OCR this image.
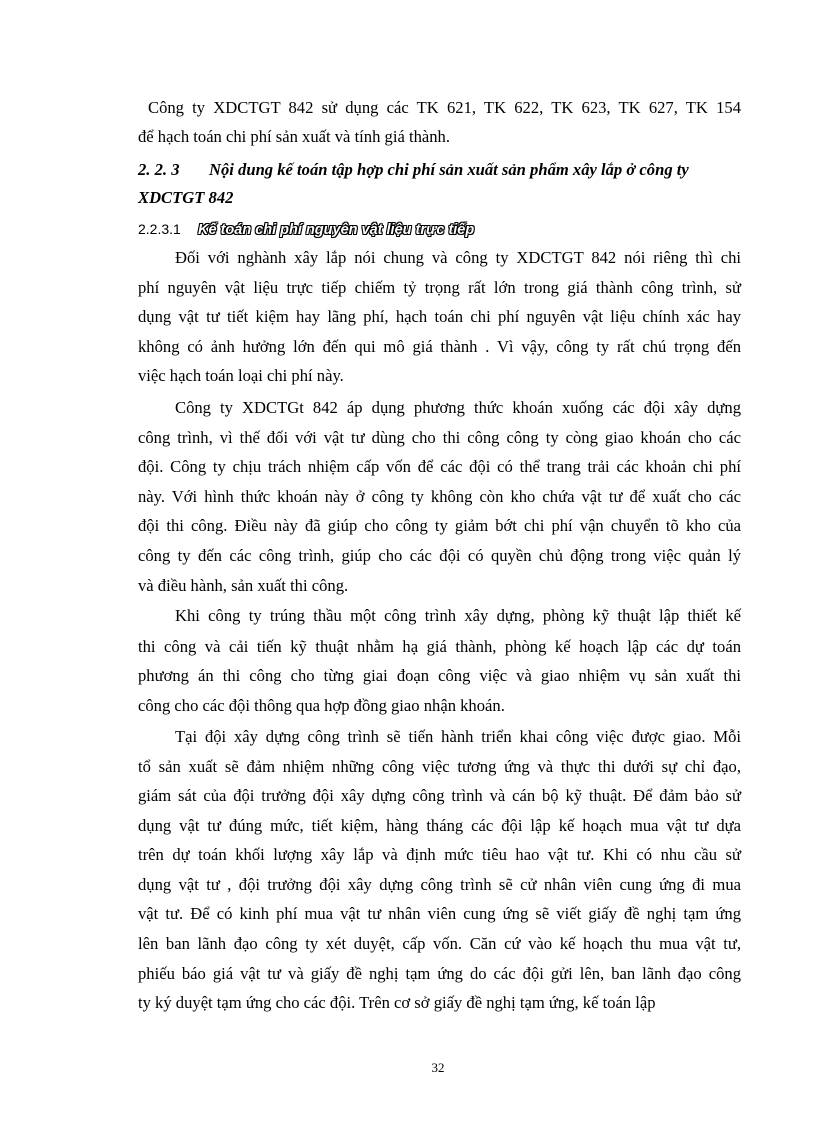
Công ty XDCTGT 842 sử dụng các TK 621, TK 622, TK 623, TK 627, TK 154
để hạch toán chi phí sản xuất và tính giá thành.
2. 2. 3 Nội dung kế toán tập hợp chi phí sản xuất sản phẩm xây lắp ở công ty
XDCTGT 842
2.2.3.1 Kế toán chi phí nguyên vật liệu trực tiếp
Đối với nghành xây lắp nói chung và công ty XDCTGT 842 nói riêng thì chi
phí nguyên vật liệu trực tiếp chiếm tỷ trọng rất lớn trong giá thành công trình, sử
dụng vật tư tiết kiệm hay lãng phí, hạch toán chi phí nguyên vật liệu chính xác hay
không có ảnh hưởng lớn đến qui mô giá thành . Vì vậy, công ty rất chú trọng đến
việc hạch toán loại chi phí này.
Công ty XDCTGt 842 áp dụng phương thức khoán xuống các đội xây dựng
công trình, vì thế đối với vật tư dùng cho thi công công ty còng giao khoán cho các
đội. Công ty chịu trách nhiệm cấp vốn để các đội có thể trang trải các khoản chi phí
này. Với hình thức khoán này ở công ty không còn kho chứa vật tư để xuất cho các
đội thi công. Điều này đã giúp cho công ty giảm bớt chi phí vận chuyển tõ kho của
công ty đến các công trình, giúp cho các đội có quyền chủ động trong việc quản lý
và điều hành, sản xuất thi công.
Khi công ty trúng thầu một công trình xây dựng, phòng kỹ thuật lập thiết kế
thi công và cải tiến kỹ thuật nhằm hạ giá thành, phòng kế hoạch lập các dự toán
phương án thi công cho từng giai đoạn công việc và giao nhiệm vụ sản xuất thi
công cho các đội thông qua hợp đồng giao nhận khoán.
Tại đội xây dựng công trình sẽ tiến hành triển khai công việc được giao. Mỗi
tổ sản xuất sẽ đảm nhiệm những công việc tương ứng và thực thi dưới sự chỉ đạo,
giám sát của đội trưởng đội xây dựng công trình và cán bộ kỹ thuật. Để đảm bảo sử
dụng vật tư đúng mức, tiết kiệm, hàng tháng các đội lập kế hoạch mua vật tư dựa
trên dự toán khối lượng xây lắp và định mức tiêu hao vật tư. Khi có nhu cầu sử
dụng vật tư , đội trưởng đội xây dựng công trình sẽ cử nhân viên cung ứng đi mua
vật tư. Để có kinh phí mua vật tư nhân viên cung ứng sẽ viết giấy đề nghị tạm ứng
lên ban lãnh đạo công ty xét duyệt, cấp vốn. Căn cứ vào kế hoạch thu mua vật tư,
phiếu báo giá vật tư và giấy đề nghị tạm ứng do các đội gửi lên, ban lãnh đạo công
ty ký duyệt tạm ứng cho các đội. Trên cơ sở giấy đề nghị tạm ứng, kế toán lập
32
